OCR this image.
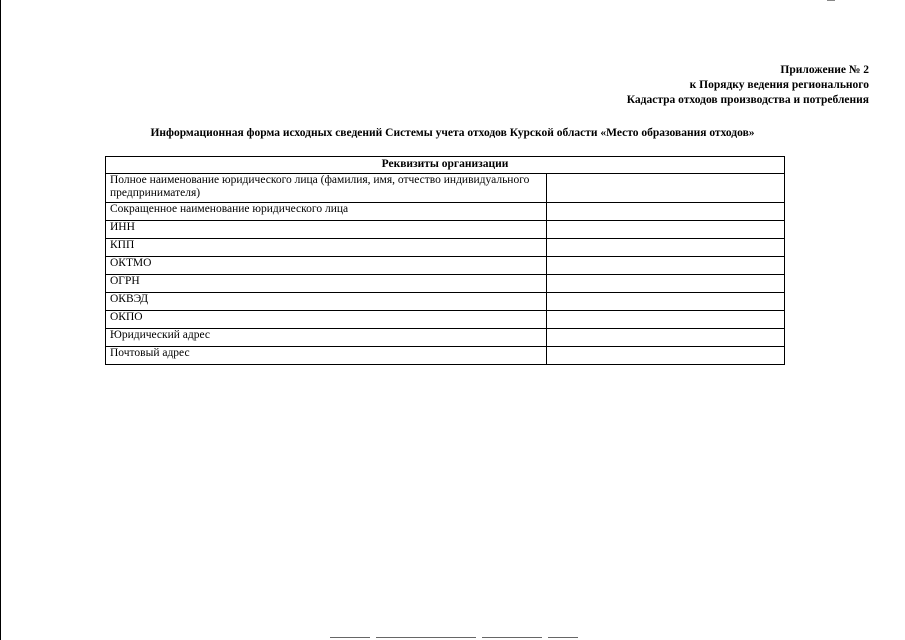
Приложение № 2
к Порядку ведения регионального
Кадастра отходов производства и потребления
Информационная форма исходных сведений Системы учета отходов Курской области «Место образования отходов»
Реквизиты организации	
Полное наименование юридического лица (фамилия, имя, отчество индивидуального предпринимателя)	
Сокращенное наименование юридического лица	
ИНН	
КПП	
ОКТМО	
ОГРН	
ОКВЭД	
ОКПО	
Юридический адрес	
Почтовый адрес	
